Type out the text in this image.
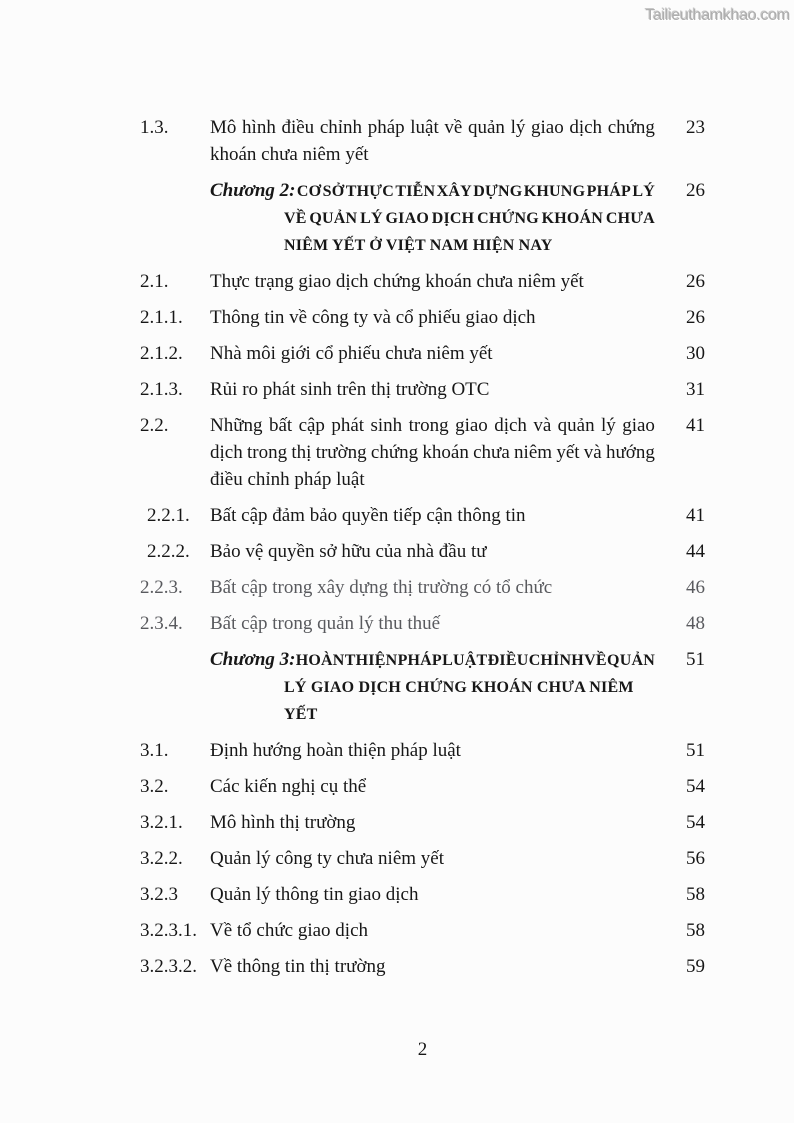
Tailieuthamkhao.com
1.3.	Mô hình điều chỉnh pháp luật về quản lý giao dịch chứng
khoán chưa niêm yết
23
Chương 2: CƠ SỞ THỰC TIỄN XÂY DỰNG KHUNG PHÁP LÝ
VỀ QUẢN LÝ GIAO DỊCH CHỨNG KHOÁN CHƯA
NIÊM YẾT Ở VIỆT NAM HIỆN NAY
26
2.1.	Thực trạng giao dịch chứng khoán chưa niêm yết	26
2.1.1.	Thông tin về công ty và cổ phiếu giao dịch	26
2.1.2.	Nhà môi giới cổ phiếu chưa niêm yết	30
2.1.3.	Rủi ro phát sinh trên thị trường OTC	31
2.2.	Những bất cập phát sinh trong giao dịch và quản lý giao
dịch trong thị trường chứng khoán chưa niêm yết và hướng
điều chỉnh pháp luật
41
2.2.1.	Bất cập đảm bảo quyền tiếp cận thông tin	41
2.2.2.	Bảo vệ quyền sở hữu của nhà đầu tư	44
2.2.3.	Bất cập trong xây dựng thị trường có tổ chức	46
2.3.4.	Bất cập trong quản lý thu thuế	48
Chương 3: HOÀN THIỆN PHÁP LUẬT ĐIỀU CHỈNH VỀ QUẢN
LÝ GIAO DỊCH CHỨNG KHOÁN CHƯA NIÊM YẾT
51
3.1.	Định hướng hoàn thiện pháp luật	51
3.2.	Các kiến nghị cụ thể	54
3.2.1.	Mô hình thị trường	54
3.2.2.	Quản lý công ty chưa niêm yết	56
3.2.3	Quản lý thông tin giao dịch	58
3.2.3.1. Về tổ chức giao dịch	58
3.2.3.2. Về thông tin thị trường	59
2
